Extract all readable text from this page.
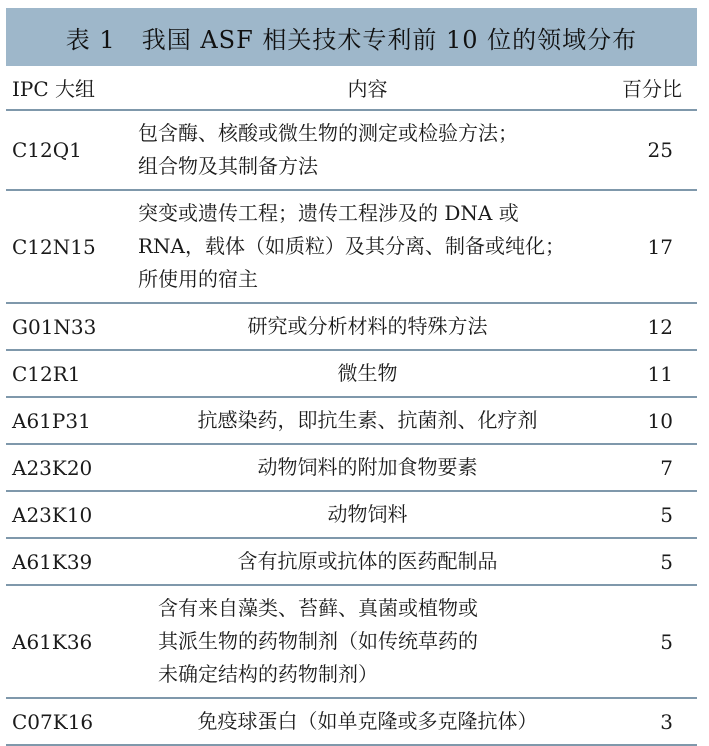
表 1 我国 ASF 相关技术专利前 10 位的领域分布
IPC 大组	内容	百分比
C12Q1	包含酶、核酸或微生物的测定或检验方法；
组合物及其制备方法	25
C12N15	突变或遗传工程；遗传工程涉及的 DNA 或
RNA，载体（如质粒）及其分离、制备或纯化；
所使用的宿主	17
G01N33	研究或分析材料的特殊方法	12
C12R1	微生物	11
A61P31	抗感染药，即抗生素、抗菌剂、化疗剂	10
A23K20	动物饲料的附加食物要素	7
A23K10	动物饲料	5
A61K39	含有抗原或抗体的医药配制品	5
A61K36	含有来自藻类、苔藓、真菌或植物或
其派生物的药物制剂（如传统草药的
未确定结构的药物制剂）	5
C07K16	免疫球蛋白（如单克隆或多克隆抗体）	3
